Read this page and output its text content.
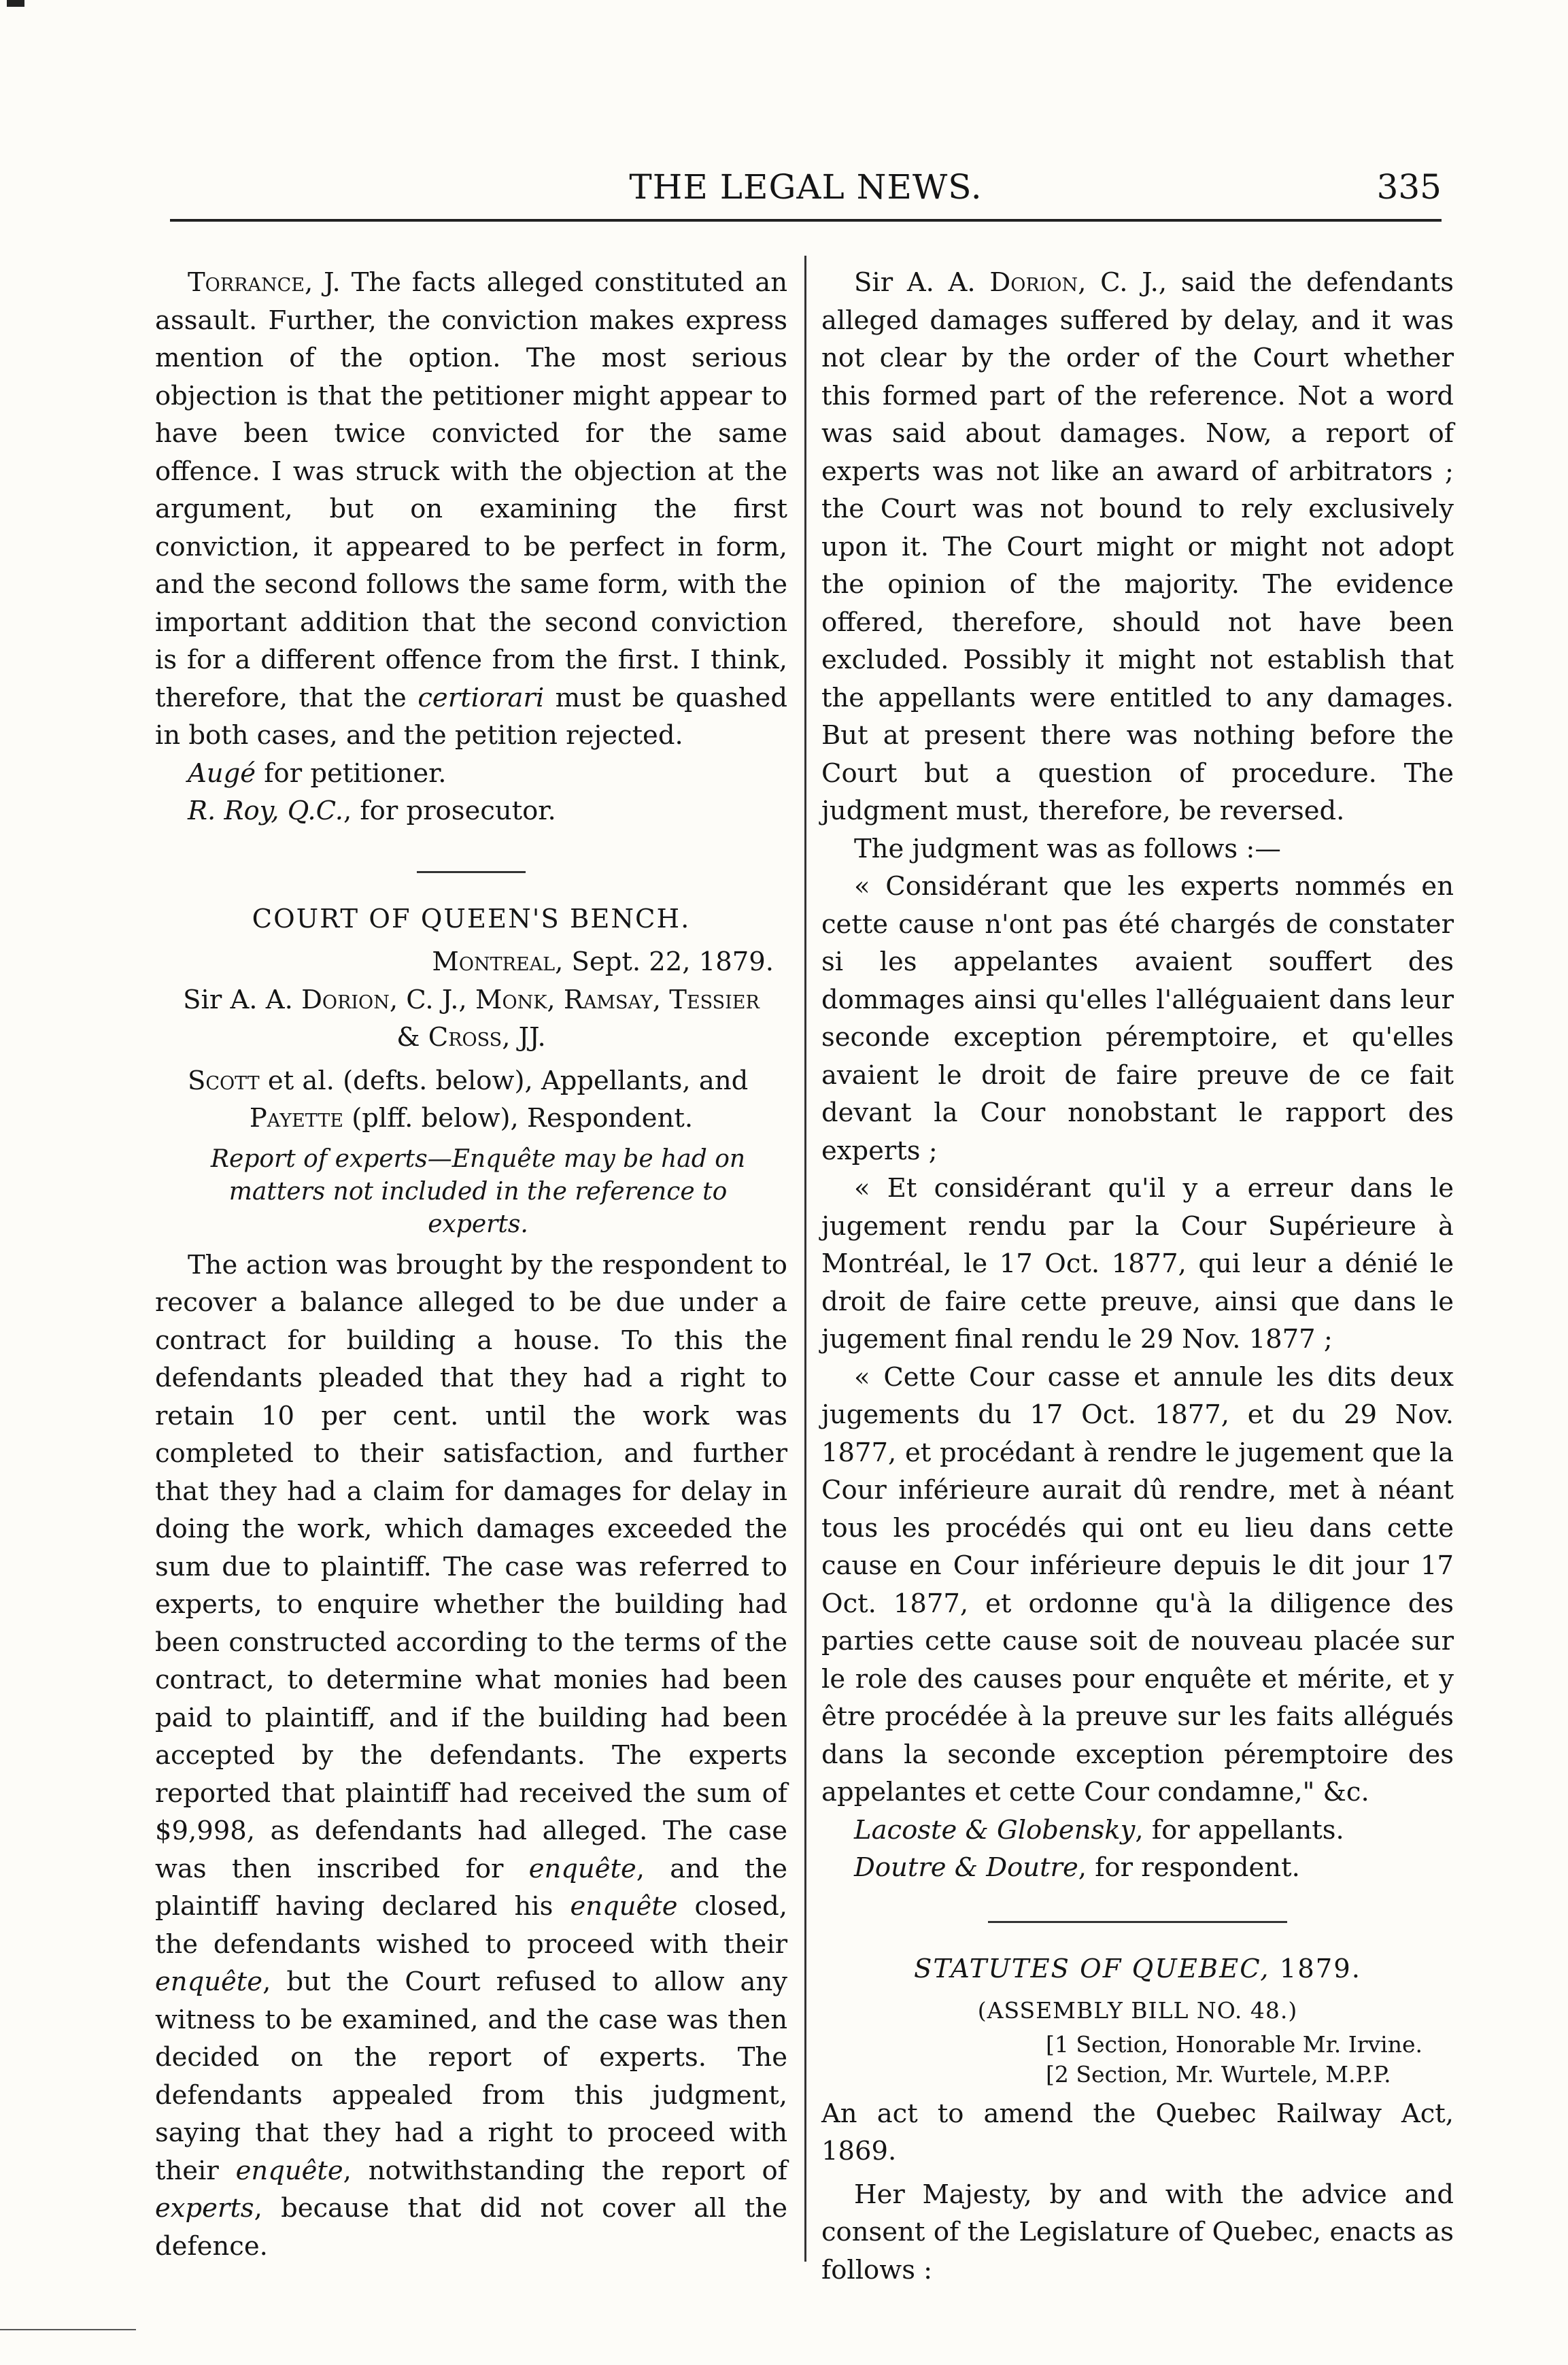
THE LEGAL NEWS.	335

Torrance, J. The facts alleged constituted an assault. Further, the conviction makes express mention of the option. The most serious objection is that the petitioner might appear to have been twice convicted for the same offence. I was struck with the objection at the argument, but on examining the first conviction, it appeared to be perfect in form, and the second follows the same form, with the important addition that the second conviction is for a different offence from the first. I think, therefore, that the certiorari must be quashed in both cases, and the petition rejected.

Augé for petitioner.

R. Roy, Q.C., for prosecutor.

COURT OF QUEEN'S BENCH.

Montreal, Sept. 22, 1879.

Sir A. A. Dorion, C. J., Monk, Ramsay, Tessier
& Cross, JJ.

Scott et al. (defts. below), Appellants, and

Payette (plff. below), Respondent.

Report of experts—Enquête may be had on matters not included in the reference to experts.

The action was brought by the respondent to recover a balance alleged to be due under a contract for building a house. To this the defendants pleaded that they had a right to retain 10 per cent. until the work was completed to their satisfaction, and further that they had a claim for damages for delay in doing the work, which damages exceeded the sum due to plaintiff. The case was referred to experts, to enquire whether the building had been constructed according to the terms of the contract, to determine what monies had been paid to plaintiff, and if the building had been accepted by the defendants. The experts reported that plaintiff had received the sum of $9,998, as defendants had alleged. The case was then inscribed for enquête, and the plaintiff having declared his enquête closed, the defendants wished to proceed with their enquête, but the Court refused to allow any witness to be examined, and the case was then decided on the report of experts. The defendants appealed from this judgment, saying that they had a right to proceed with their enquête, notwithstanding the report of experts, because that did not cover all the defence.

Sir A. A. Dorion, C. J., said the defendants alleged damages suffered by delay, and it was not clear by the order of the Court whether this formed part of the reference. Not a word was said about damages. Now, a report of experts was not like an award of arbitrators ; the Court was not bound to rely exclusively upon it. The Court might or might not adopt the opinion of the majority. The evidence offered, therefore, should not have been excluded. Possibly it might not establish that the appellants were entitled to any damages. But at present there was nothing before the Court but a question of procedure. The judgment must, therefore, be reversed.

The judgment was as follows :—

« Considérant que les experts nommés en cette cause n'ont pas été chargés de constater si les appelantes avaient souffert des dommages ainsi qu'elles l'alléguaient dans leur seconde exception péremptoire, et qu'elles avaient le droit de faire preuve de ce fait devant la Cour nonobstant le rapport des experts ;

« Et considérant qu'il y a erreur dans le jugement rendu par la Cour Supérieure à Montréal, le 17 Oct. 1877, qui leur a dénié le droit de faire cette preuve, ainsi que dans le jugement final rendu le 29 Nov. 1877 ;

« Cette Cour casse et annule les dits deux jugements du 17 Oct. 1877, et du 29 Nov. 1877, et procédant à rendre le jugement que la Cour inférieure aurait dû rendre, met à néant tous les procédés qui ont eu lieu dans cette cause en Cour inférieure depuis le dit jour 17 Oct. 1877, et ordonne qu'à la diligence des parties cette cause soit de nouveau placée sur le role des causes pour enquête et mérite, et y être procédée à la preuve sur les faits allégués dans la seconde exception péremptoire des appelantes et cette Cour condamne," &c.

Lacoste & Globensky, for appellants.

Doutre & Doutre, for respondent.

STATUTES OF QUEBEC, 1879.

(ASSEMBLY BILL NO. 48.)

[1 Section, Honorable Mr. Irvine.

[2 Section, Mr. Wurtele, M.P.P.

An act to amend the Quebec Railway Act, 1869.

Her Majesty, by and with the advice and consent of the Legislature of Quebec, enacts as follows :
